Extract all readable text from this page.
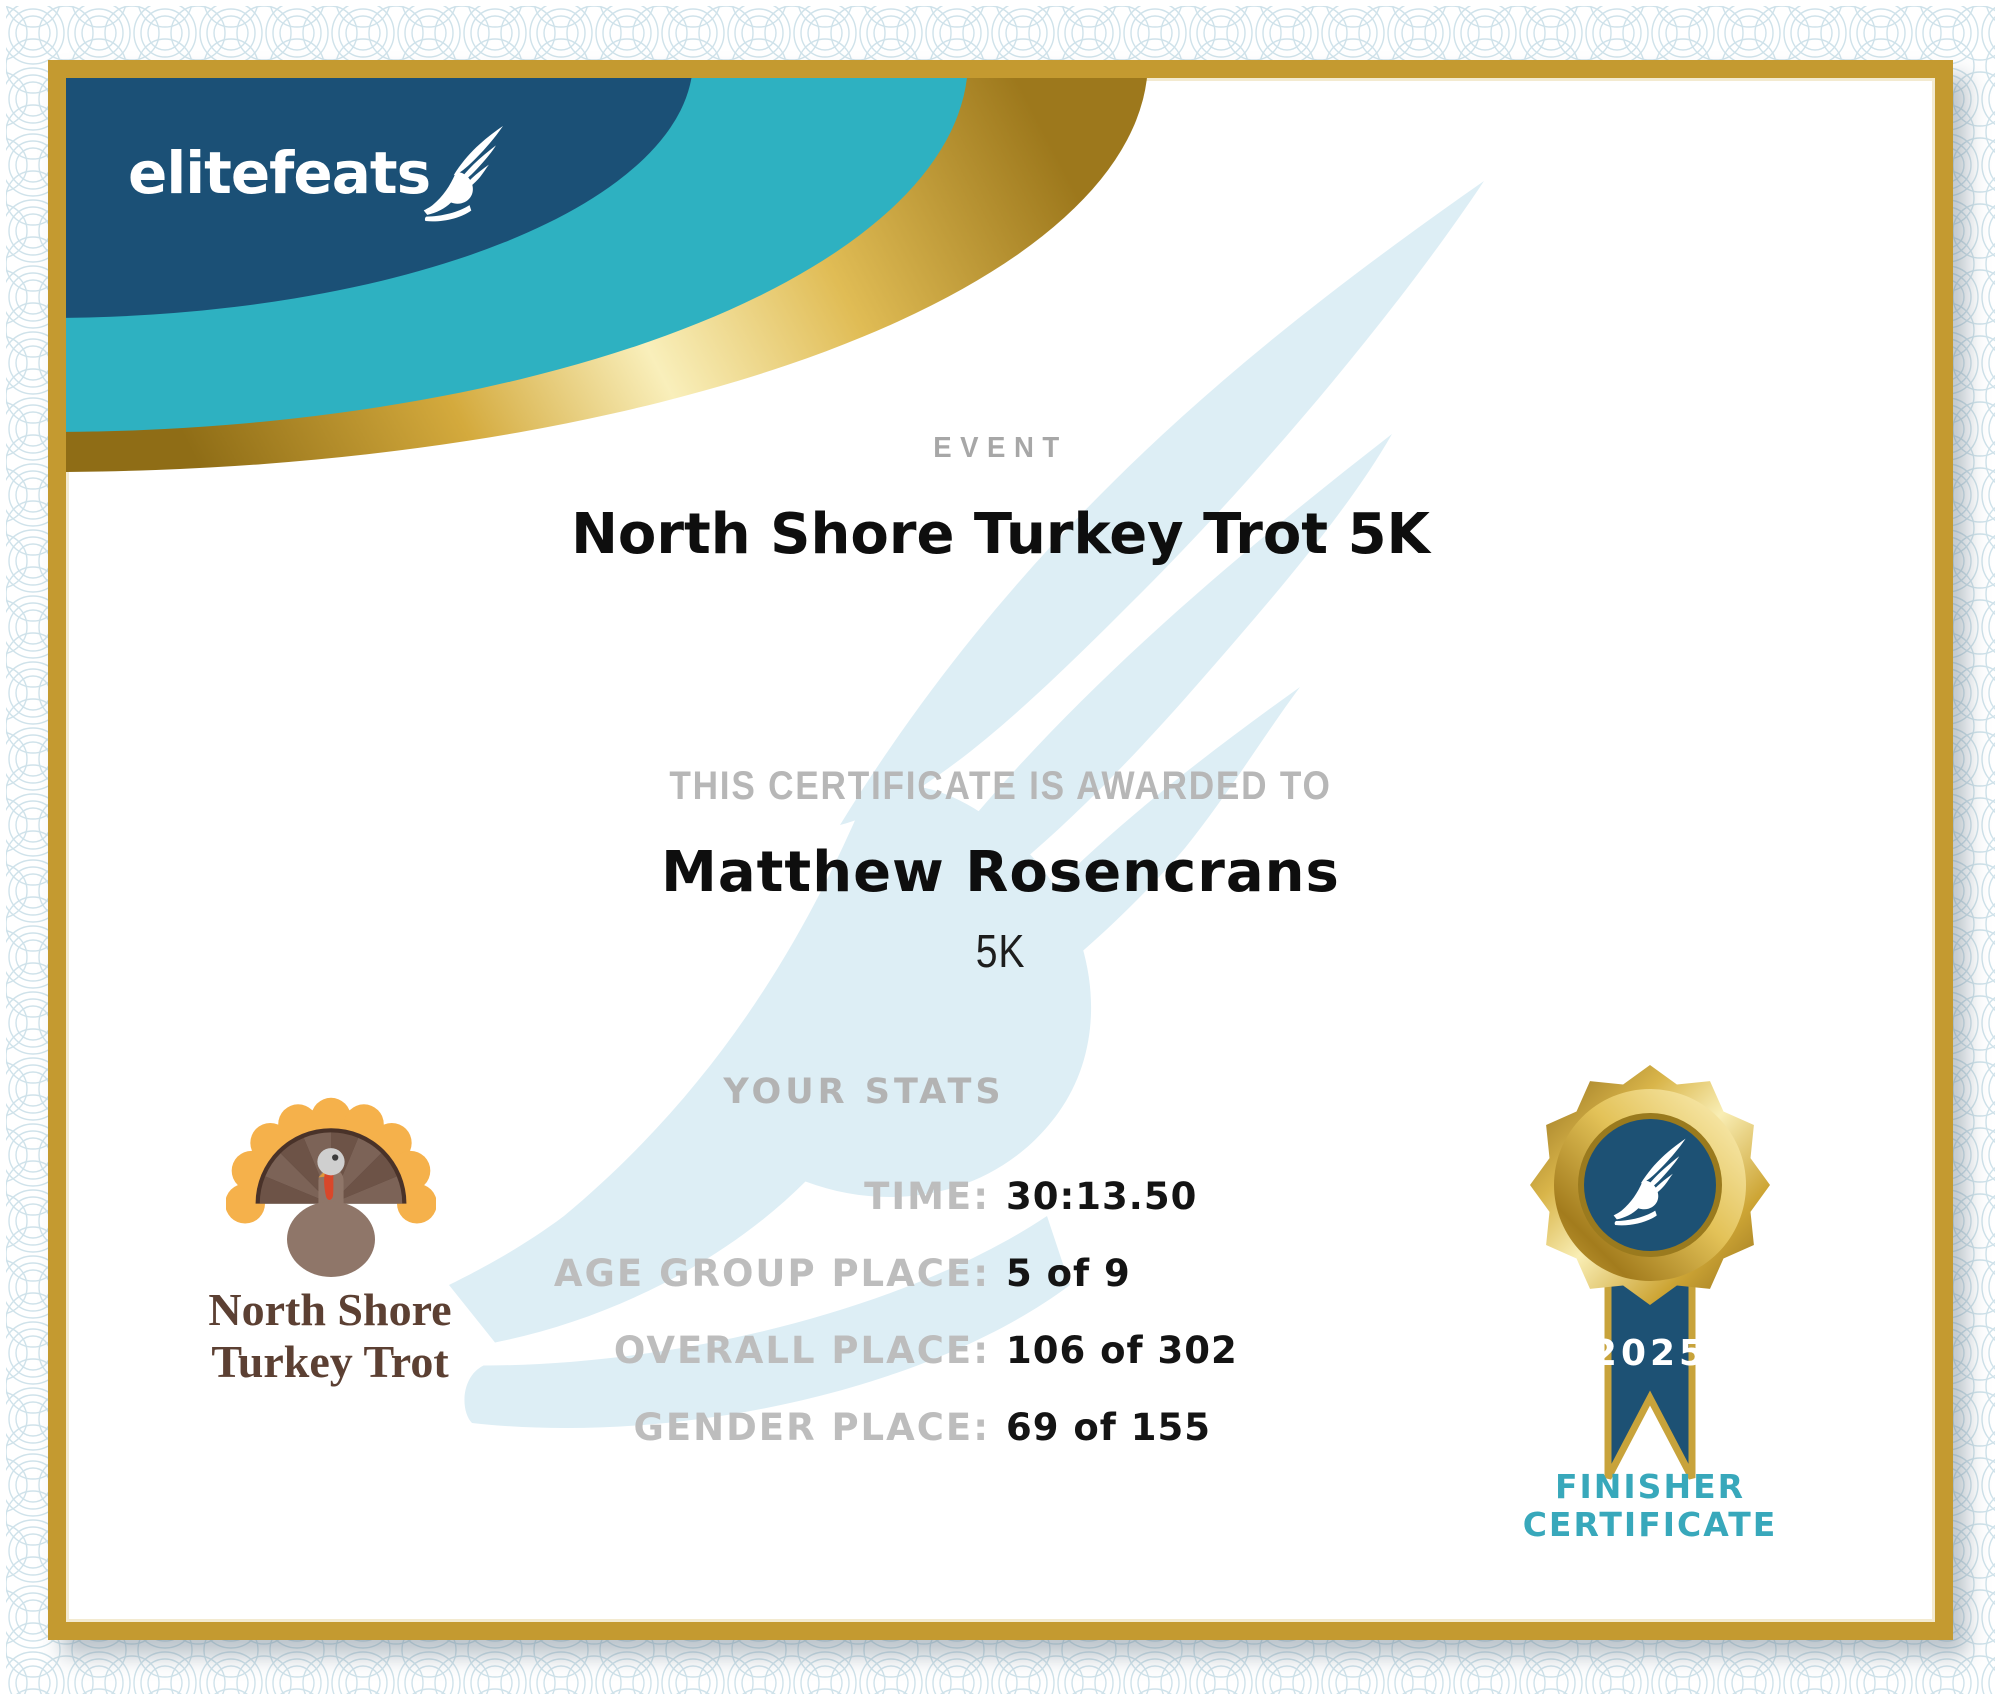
elitefeats
EVENT
North Shore Turkey Trot 5K
THIS CERTIFICATE IS AWARDED TO
Matthew Rosencrans
5K
YOUR STATS
TIME: 30:13.50
AGE GROUP PLACE: 5 of 9
OVERALL PLACE: 106 of 302
GENDER PLACE: 69 of 155
North Shore
Turkey Trot	2025
FINISHER
CERTIFICATE
